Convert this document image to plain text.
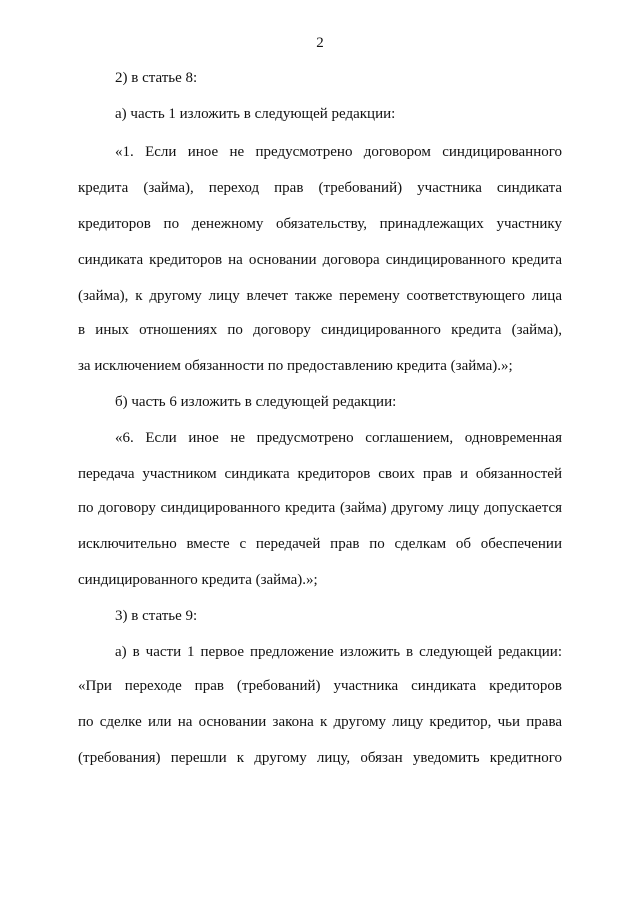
2
2) в статье 8:
а) часть 1 изложить в следующей редакции:
«1. Если иное не предусмотрено договором синдицированного
кредита (займа), переход прав (требований) участника синдиката
кредиторов по денежному обязательству, принадлежащих участнику
синдиката кредиторов на основании договора синдицированного кредита
(займа), к другому лицу влечет также перемену соответствующего лица
в иных отношениях по договору синдицированного кредита (займа),
за исключением обязанности по предоставлению кредита (займа).»;
б) часть 6 изложить в следующей редакции:
«6. Если иное не предусмотрено соглашением, одновременная
передача участником синдиката кредиторов своих прав и обязанностей
по договору синдицированного кредита (займа) другому лицу допускается
исключительно вместе с передачей прав по сделкам об обеспечении
синдицированного кредита (займа).»;
3) в статье 9:
а) в части 1 первое предложение изложить в следующей редакции:
«При переходе прав (требований) участника синдиката кредиторов
по сделке или на основании закона к другому лицу кредитор, чьи права
(требования) перешли к другому лицу, обязан уведомить кредитного
